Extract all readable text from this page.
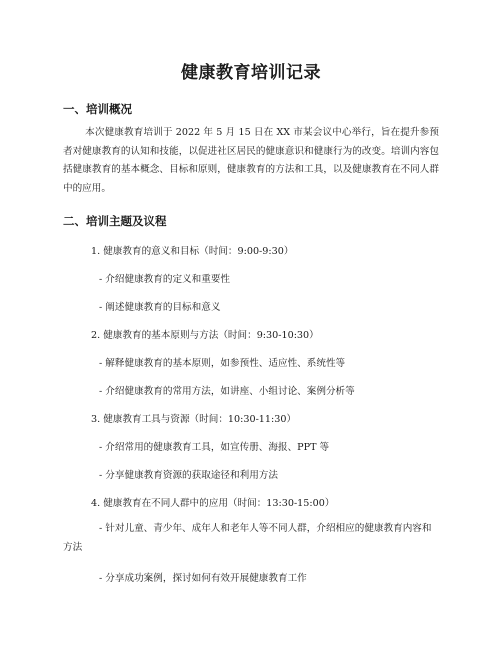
健康教育培训记录
一、培训概况
本次健康教育培训于 2022 年 5 月 15 日在 XX 市某会议中心举行，旨在提升参预者对健康教育的认知和技能，以促进社区居民的健康意识和健康行为的改变。培训内容包括健康教育的基本概念、目标和原则，健康教育的方法和工具，以及健康教育在不同人群中的应用。
二、培训主题及议程
1. 健康教育的意义和目标（时间：9:00-9:30）
- 介绍健康教育的定义和重要性
- 阐述健康教育的目标和意义
2. 健康教育的基本原则与方法（时间：9:30-10:30）
- 解释健康教育的基本原则，如参预性、适应性、系统性等
- 介绍健康教育的常用方法，如讲座、小组讨论、案例分析等
3. 健康教育工具与资源（时间：10:30-11:30）
- 介绍常用的健康教育工具，如宣传册、海报、PPT 等
- 分享健康教育资源的获取途径和利用方法
4. 健康教育在不同人群中的应用（时间：13:30-15:00）
- 针对儿童、青少年、成年人和老年人等不同人群，介绍相应的健康教育内容和方法
- 分享成功案例，探讨如何有效开展健康教育工作
